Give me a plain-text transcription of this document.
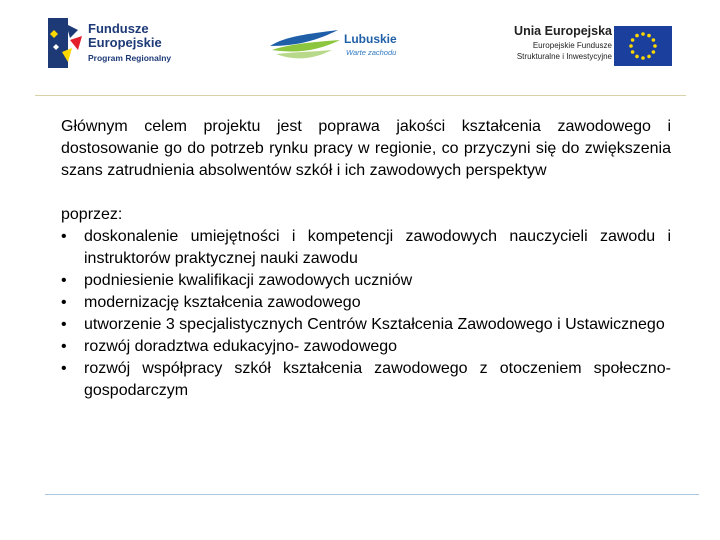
Fundusze
Europejskie
Program Regionalny
Lubuskie
Warte zachodu
Unia Europejska
Europejskie Fundusze
Strukturalne i Inwestycyjne

Głównym celem projektu jest poprawa jakości kształcenia zawodowego i dostosowanie go do potrzeb rynku pracy w regionie, co przyczyni się do zwiększenia szans zatrudnienia absolwentów szkół i ich zawodowych perspektyw

poprzez:

• doskonalenie umiejętności i kompetencji zawodowych nauczycieli zawodu i instruktorów praktycznej nauki zawodu
• podniesienie kwalifikacji zawodowych uczniów
• modernizację kształcenia zawodowego
• utworzenie 3 specjalistycznych Centrów Kształcenia Zawodowego i Ustawicznego
• rozwój doradztwa edukacyjno- zawodowego
• rozwój współpracy szkół kształcenia zawodowego z otoczeniem społeczno- gospodarczym
